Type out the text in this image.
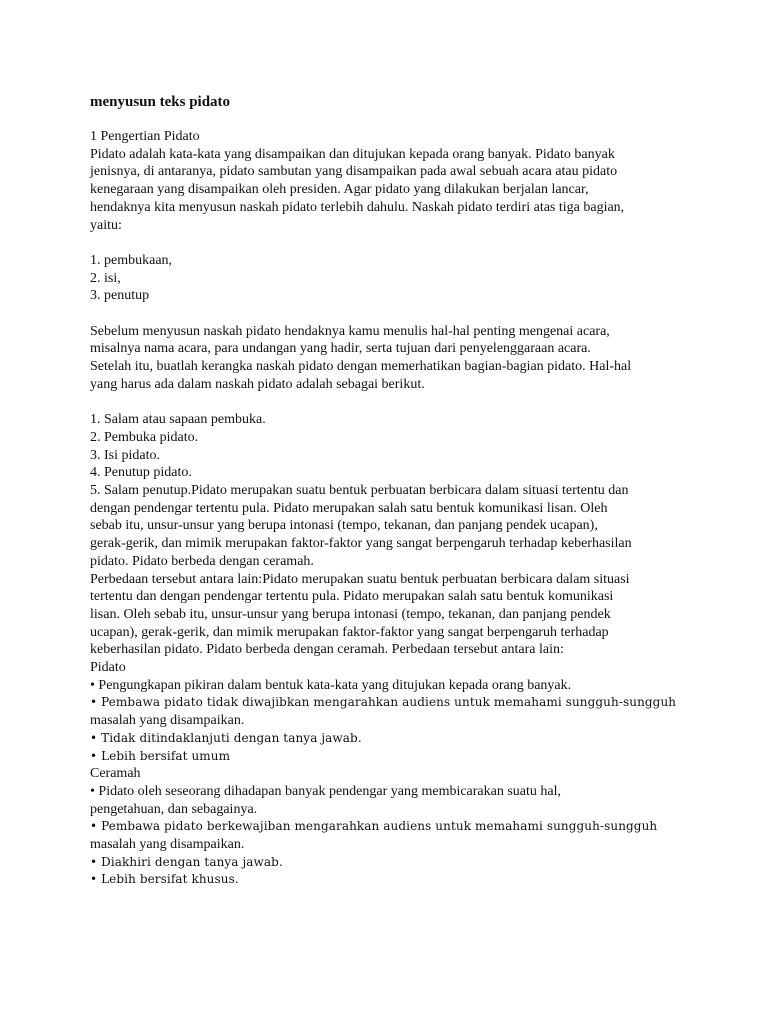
menyusun teks pidato
1 Pengertian Pidato
Pidato adalah kata-kata yang disampaikan dan ditujukan kepada orang banyak. Pidato banyak
jenisnya, di antaranya, pidato sambutan yang disampaikan pada awal sebuah acara atau pidato
kenegaraan yang disampaikan oleh presiden. Agar pidato yang dilakukan berjalan lancar,
hendaknya kita menyusun naskah pidato terlebih dahulu. Naskah pidato terdiri atas tiga bagian,
yaitu:
1. pembukaan,
2. isi,
3. penutup
Sebelum menyusun naskah pidato hendaknya kamu menulis hal-hal penting mengenai acara,
misalnya nama acara, para undangan yang hadir, serta tujuan dari penyelenggaraan acara.
Setelah itu, buatlah kerangka naskah pidato dengan memerhatikan bagian-bagian pidato. Hal-hal
yang harus ada dalam naskah pidato adalah sebagai berikut.
1. Salam atau sapaan pembuka.
2. Pembuka pidato.
3. Isi pidato.
4. Penutup pidato.
5. Salam penutup.Pidato merupakan suatu bentuk perbuatan berbicara dalam situasi tertentu dan
dengan pendengar tertentu pula. Pidato merupakan salah satu bentuk komunikasi lisan. Oleh
sebab itu, unsur-unsur yang berupa intonasi (tempo, tekanan, dan panjang pendek ucapan),
gerak-gerik, dan mimik merupakan faktor-faktor yang sangat berpengaruh terhadap keberhasilan
pidato. Pidato berbeda dengan ceramah.
Perbedaan tersebut antara lain:Pidato merupakan suatu bentuk perbuatan berbicara dalam situasi
tertentu dan dengan pendengar tertentu pula. Pidato merupakan salah satu bentuk komunikasi
lisan. Oleh sebab itu, unsur-unsur yang berupa intonasi (tempo, tekanan, dan panjang pendek
ucapan), gerak-gerik, dan mimik merupakan faktor-faktor yang sangat berpengaruh terhadap
keberhasilan pidato. Pidato berbeda dengan ceramah. Perbedaan tersebut antara lain:
Pidato
• Pengungkapan pikiran dalam bentuk kata-kata yang ditujukan kepada orang banyak.
• Pembawa pidato tidak diwajibkan mengarahkan audiens untuk memahami sungguh-sungguh
masalah yang disampaikan.
• Tidak ditindaklanjuti dengan tanya jawab.
• Lebih bersifat umum
Ceramah
• Pidato oleh seseorang dihadapan banyak pendengar yang membicarakan suatu hal,
pengetahuan, dan sebagainya.
• Pembawa pidato berkewajiban mengarahkan audiens untuk memahami sungguh-sungguh
masalah yang disampaikan.
• Diakhiri dengan tanya jawab.
• Lebih bersifat khusus.
